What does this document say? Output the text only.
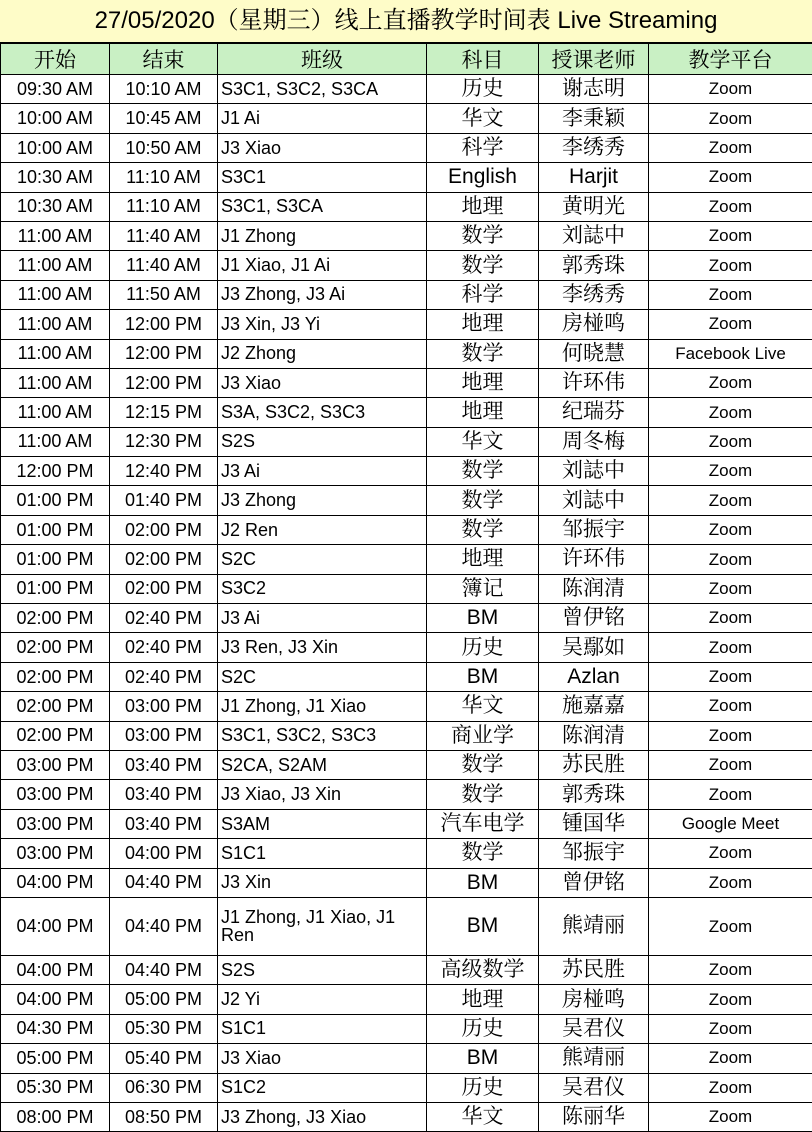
27/05/2020（星期三）线上直播教学时间表 Live Streaming
开始	结束	班级	科目	授课老师	教学平台
09:30 AM	10:10 AM	S3C1, S3C2, S3CA	历史	谢志明	Zoom
10:00 AM	10:45 AM	J1 Ai	华文	李秉颖	Zoom
10:00 AM	10:50 AM	J3 Xiao	科学	李绣秀	Zoom
10:30 AM	11:10 AM	S3C1	English	Harjit	Zoom
10:30 AM	11:10 AM	S3C1, S3CA	地理	黄明光	Zoom
11:00 AM	11:40 AM	J1 Zhong	数学	刘誌中	Zoom
11:00 AM	11:40 AM	J1 Xiao, J1 Ai	数学	郭秀珠	Zoom
11:00 AM	11:50 AM	J3 Zhong, J3 Ai	科学	李绣秀	Zoom
11:00 AM	12:00 PM	J3 Xin, J3 Yi	地理	房椪鸣	Zoom
11:00 AM	12:00 PM	J2 Zhong	数学	何晓慧	Facebook Live
11:00 AM	12:00 PM	J3 Xiao	地理	许环伟	Zoom
11:00 AM	12:15 PM	S3A, S3C2, S3C3	地理	纪瑞芬	Zoom
11:00 AM	12:30 PM	S2S	华文	周冬梅	Zoom
12:00 PM	12:40 PM	J3 Ai	数学	刘誌中	Zoom
01:00 PM	01:40 PM	J3 Zhong	数学	刘誌中	Zoom
01:00 PM	02:00 PM	J2 Ren	数学	邹振宇	Zoom
01:00 PM	02:00 PM	S2C	地理	许环伟	Zoom
01:00 PM	02:00 PM	S3C2	簿记	陈润清	Zoom
02:00 PM	02:40 PM	J3 Ai	BM	曾伊铭	Zoom
02:00 PM	02:40 PM	J3 Ren, J3 Xin	历史	吴鄢如	Zoom
02:00 PM	02:40 PM	S2C	BM	Azlan	Zoom
02:00 PM	03:00 PM	J1 Zhong, J1 Xiao	华文	施嘉嘉	Zoom
02:00 PM	03:00 PM	S3C1, S3C2, S3C3	商业学	陈润清	Zoom
03:00 PM	03:40 PM	S2CA, S2AM	数学	苏民胜	Zoom
03:00 PM	03:40 PM	J3 Xiao, J3 Xin	数学	郭秀珠	Zoom
03:00 PM	03:40 PM	S3AM	汽车电学	锺国华	Google Meet
03:00 PM	04:00 PM	S1C1	数学	邹振宇	Zoom
04:00 PM	04:40 PM	J3 Xin	BM	曾伊铭	Zoom
04:00 PM	04:40 PM	J1 Zhong, J1 Xiao, J1 Ren	BM	熊靖丽	Zoom
04:00 PM	04:40 PM	S2S	高级数学	苏民胜	Zoom
04:00 PM	05:00 PM	J2 Yi	地理	房椪鸣	Zoom
04:30 PM	05:30 PM	S1C1	历史	吴君仪	Zoom
05:00 PM	05:40 PM	J3 Xiao	BM	熊靖丽	Zoom
05:30 PM	06:30 PM	S1C2	历史	吴君仪	Zoom
08:00 PM	08:50 PM	J3 Zhong, J3 Xiao	华文	陈丽华	Zoom
